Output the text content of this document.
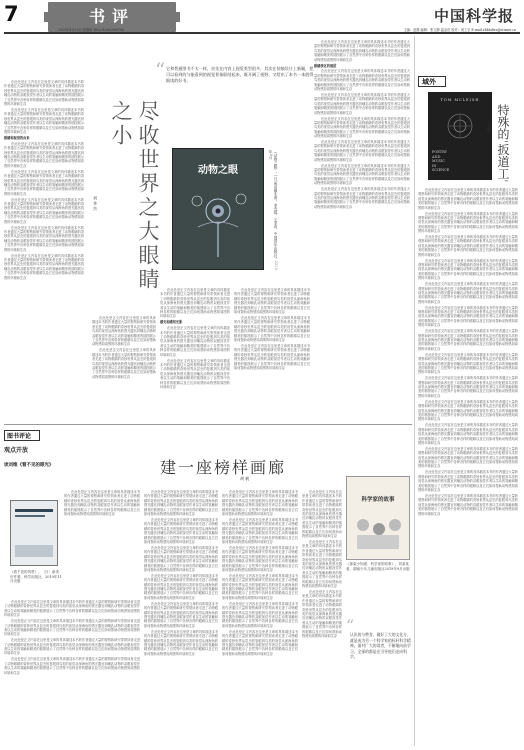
7	书评	中国科学报
2020年4月23日 星期四 Tel:(010)62580783	主编：赵路 编辑：张文静 温金田 校对：何工宗 E-mail:zhbhdtre@stimes.cn

在此处是正文内容在这里是文章的具体描述本书的作者通过大量的观察和研究带领读者走进了动物眼睛的奇妙世界从昆虫的复眼到鸟类的视觉从深海鱼的感光器官到哺乳动物的双眼视觉作者以生动的笔触和精美的插图展示了自然界中各种各样的眼睛以及它们如何帮助动物感知周围的环境和生存

在此处是正文内容在这里是文章的具体描述本书的作者通过大量的观察和研究带领读者走进了动物眼睛的奇妙世界从昆虫的复眼到鸟类的视觉从深海鱼的感光器官到哺乳动物的双眼视觉作者以生动的笔触和精美的插图展示了自然界中各种各样的眼睛以及它们如何帮助动物感知周围的环境和生存

眼睛和视觉的由来

在此处是正文内容在这里是文章的具体描述本书的作者通过大量的观察和研究带领读者走进了动物眼睛的奇妙世界从昆虫的复眼到鸟类的视觉从深海鱼的感光器官到哺乳动物的双眼视觉作者以生动的笔触和精美的插图展示了自然界中各种各样的眼睛以及它们如何帮助动物感知周围的环境和生存

在此处是正文内容在这里是文章的具体描述本书的作者通过大量的观察和研究带领读者走进了动物眼睛的奇妙世界从昆虫的复眼到鸟类的视觉从深海鱼的感光器官到哺乳动物的双眼视觉作者以生动的笔触和精美的插图展示了自然界中各种各样的眼睛以及它们如何帮助动物感知周围的环境和生存

在此处是正文内容在这里是文章的具体描述本书的作者通过大量的观察和研究带领读者走进了动物眼睛的奇妙世界从昆虫的复眼到鸟类的视觉从深海鱼的感光器官到哺乳动物的双眼视觉作者以生动的笔触和精美的插图展示了自然界中各种各样的眼睛以及它们如何帮助动物感知周围的环境和生存

在此处是正文内容在这里是文章的具体描述本书的作者通过大量的观察和研究带领读者走进了动物眼睛的奇妙世界从昆虫的复眼到鸟类的视觉从深海鱼的感光器官到哺乳动物的双眼视觉作者以生动的笔触和精美的插图展示了自然界中各种各样的眼睛以及它们如何帮助动物感知周围的环境和生存

在此处是正文内容在这里是文章的具体描述本书的作者通过大量的观察和研究带领读者走进了动物眼睛的奇妙世界从昆虫的复眼到鸟类的视觉从深海鱼的感光器官到哺乳动物的双眼视觉作者以生动的笔触和精美的插图展示了自然界中各种各样的眼睛以及它们如何帮助动物感知周围的环境和生存	尽收世界之大眼睛之小
刘 华 杰
“ 它和普通图书不太一样，首先在内容上视觉类型很多，其次在装帧设计上新颖，把可以看到的与能看到的视觉景象联结起来，既开阔了视野，又给出了本书一本值得细读的好书。
动物之眼	《动物之眼》，[日]奥田顺生著，李杰超、王菲译，中国青年出版社，2019年8月

在此处是正文内容在这里是文章的具体描述本书的作者通过大量的观察和研究带领读者走进了动物眼睛的奇妙世界从昆虫的复眼到鸟类的视觉从深海鱼的感光器官到哺乳动物的双眼视觉作者以生动的笔触和精美的插图展示了自然界中各种各样的眼睛以及它们如何帮助动物感知周围的环境和生存

在此处是正文内容在这里是文章的具体描述本书的作者通过大量的观察和研究带领读者走进了动物眼睛的奇妙世界从昆虫的复眼到鸟类的视觉从深海鱼的感光器官到哺乳动物的双眼视觉作者以生动的笔触和精美的插图展示了自然界中各种各样的眼睛以及它们如何帮助动物感知周围的环境和生存

在此处是正文内容在这里是文章的具体描述本书的作者通过大量的观察和研究带领读者走进了动物眼睛的奇妙世界从昆虫的复眼到鸟类的视觉从深海鱼的感光器官到哺乳动物的双眼视觉作者以生动的笔触和精美的插图展示了自然界中各种各样的眼睛以及它们如何帮助动物感知周围的环境和生存

感光和感知光影

在此处是正文内容在这里是文章的具体描述本书的作者通过大量的观察和研究带领读者走进了动物眼睛的奇妙世界从昆虫的复眼到鸟类的视觉从深海鱼的感光器官到哺乳动物的双眼视觉作者以生动的笔触和精美的插图展示了自然界中各种各样的眼睛以及它们如何帮助动物感知周围的环境和生存

在此处是正文内容在这里是文章的具体描述本书的作者通过大量的观察和研究带领读者走进了动物眼睛的奇妙世界从昆虫的复眼到鸟类的视觉从深海鱼的感光器官到哺乳动物的双眼视觉作者以生动的笔触和精美的插图展示了自然界中各种各样的眼睛以及它们如何帮助动物感知周围的环境和生存

在此处是正文内容在这里是文章的具体描述本书的作者通过大量的观察和研究带领读者走进了动物眼睛的奇妙世界从昆虫的复眼到鸟类的视觉从深海鱼的感光器官到哺乳动物的双眼视觉作者以生动的笔触和精美的插图展示了自然界中各种各样的眼睛以及它们如何帮助动物感知周围的环境和生存

在此处是正文内容在这里是文章的具体描述本书的作者通过大量的观察和研究带领读者走进了动物眼睛的奇妙世界从昆虫的复眼到鸟类的视觉从深海鱼的感光器官到哺乳动物的双眼视觉作者以生动的笔触和精美的插图展示了自然界中各种各样的眼睛以及它们如何帮助动物感知周围的环境和生存

在此处是正文内容在这里是文章的具体描述本书的作者通过大量的观察和研究带领读者走进了动物眼睛的奇妙世界从昆虫的复眼到鸟类的视觉从深海鱼的感光器官到哺乳动物的双眼视觉作者以生动的笔触和精美的插图展示了自然界中各种各样的眼睛以及它们如何帮助动物感知周围的环境和生存

在此处是正文内容在这里是文章的具体描述本书的作者通过大量的观察和研究带领读者走进了动物眼睛的奇妙世界从昆虫的复眼到鸟类的视觉从深海鱼的感光器官到哺乳动物的双眼视觉作者以生动的笔触和精美的插图展示了自然界中各种各样的眼睛以及它们如何帮助动物感知周围的环境和生存

眼睛演化的谜团

在此处是正文内容在这里是文章的具体描述本书的作者通过大量的观察和研究带领读者走进了动物眼睛的奇妙世界从昆虫的复眼到鸟类的视觉从深海鱼的感光器官到哺乳动物的双眼视觉作者以生动的笔触和精美的插图展示了自然界中各种各样的眼睛以及它们如何帮助动物感知周围的环境和生存

在此处是正文内容在这里是文章的具体描述本书的作者通过大量的观察和研究带领读者走进了动物眼睛的奇妙世界从昆虫的复眼到鸟类的视觉从深海鱼的感光器官到哺乳动物的双眼视觉作者以生动的笔触和精美的插图展示了自然界中各种各样的眼睛以及它们如何帮助动物感知周围的环境和生存

在此处是正文内容在这里是文章的具体描述本书的作者通过大量的观察和研究带领读者走进了动物眼睛的奇妙世界从昆虫的复眼到鸟类的视觉从深海鱼的感光器官到哺乳动物的双眼视觉作者以生动的笔触和精美的插图展示了自然界中各种各样的眼睛以及它们如何帮助动物感知周围的环境和生存

在此处是正文内容在这里是文章的具体描述本书的作者通过大量的观察和研究带领读者走进了动物眼睛的奇妙世界从昆虫的复眼到鸟类的视觉从深海鱼的感光器官到哺乳动物的双眼视觉作者以生动的笔触和精美的插图展示了自然界中各种各样的眼睛以及它们如何帮助动物感知周围的环境和生存

在此处是正文内容在这里是文章的具体描述本书的作者通过大量的观察和研究带领读者走进了动物眼睛的奇妙世界从昆虫的复眼到鸟类的视觉从深海鱼的感光器官到哺乳动物的双眼视觉作者以生动的笔触和精美的插图展示了自然界中各种各样的眼睛以及它们如何帮助动物感知周围的环境和生存

在此处是正文内容在这里是文章的具体描述本书的作者通过大量的观察和研究带领读者走进了动物眼睛的奇妙世界从昆虫的复眼到鸟类的视觉从深海鱼的感光器官到哺乳动物的双眼视觉作者以生动的笔触和精美的插图展示了自然界中各种各样的眼睛以及它们如何帮助动物感知周围的环境和生存

域外
TOM MCLEISH
POETRY
AND
MUSIC
IN
SCIENCE	特殊的'扳道工'
胡敏

在此处是正文内容在这里是文章的具体描述本书的作者通过大量的观察和研究带领读者走进了动物眼睛的奇妙世界从昆虫的复眼到鸟类的视觉从深海鱼的感光器官到哺乳动物的双眼视觉作者以生动的笔触和精美的插图展示了自然界中各种各样的眼睛以及它们如何帮助动物感知周围的环境和生存

在此处是正文内容在这里是文章的具体描述本书的作者通过大量的观察和研究带领读者走进了动物眼睛的奇妙世界从昆虫的复眼到鸟类的视觉从深海鱼的感光器官到哺乳动物的双眼视觉作者以生动的笔触和精美的插图展示了自然界中各种各样的眼睛以及它们如何帮助动物感知周围的环境和生存

在此处是正文内容在这里是文章的具体描述本书的作者通过大量的观察和研究带领读者走进了动物眼睛的奇妙世界从昆虫的复眼到鸟类的视觉从深海鱼的感光器官到哺乳动物的双眼视觉作者以生动的笔触和精美的插图展示了自然界中各种各样的眼睛以及它们如何帮助动物感知周围的环境和生存

在此处是正文内容在这里是文章的具体描述本书的作者通过大量的观察和研究带领读者走进了动物眼睛的奇妙世界从昆虫的复眼到鸟类的视觉从深海鱼的感光器官到哺乳动物的双眼视觉作者以生动的笔触和精美的插图展示了自然界中各种各样的眼睛以及它们如何帮助动物感知周围的环境和生存

在此处是正文内容在这里是文章的具体描述本书的作者通过大量的观察和研究带领读者走进了动物眼睛的奇妙世界从昆虫的复眼到鸟类的视觉从深海鱼的感光器官到哺乳动物的双眼视觉作者以生动的笔触和精美的插图展示了自然界中各种各样的眼睛以及它们如何帮助动物感知周围的环境和生存

在此处是正文内容在这里是文章的具体描述本书的作者通过大量的观察和研究带领读者走进了动物眼睛的奇妙世界从昆虫的复眼到鸟类的视觉从深海鱼的感光器官到哺乳动物的双眼视觉作者以生动的笔触和精美的插图展示了自然界中各种各样的眼睛以及它们如何帮助动物感知周围的环境和生存

在此处是正文内容在这里是文章的具体描述本书的作者通过大量的观察和研究带领读者走进了动物眼睛的奇妙世界从昆虫的复眼到鸟类的视觉从深海鱼的感光器官到哺乳动物的双眼视觉作者以生动的笔触和精美的插图展示了自然界中各种各样的眼睛以及它们如何帮助动物感知周围的环境和生存

在此处是正文内容在这里是文章的具体描述本书的作者通过大量的观察和研究带领读者走进了动物眼睛的奇妙世界从昆虫的复眼到鸟类的视觉从深海鱼的感光器官到哺乳动物的双眼视觉作者以生动的笔触和精美的插图展示了自然界中各种各样的眼睛以及它们如何帮助动物感知周围的环境和生存

在此处是正文内容在这里是文章的具体描述本书的作者通过大量的观察和研究带领读者走进了动物眼睛的奇妙世界从昆虫的复眼到鸟类的视觉从深海鱼的感光器官到哺乳动物的双眼视觉作者以生动的笔触和精美的插图展示了自然界中各种各样的眼睛以及它们如何帮助动物感知周围的环境和生存

在此处是正文内容在这里是文章的具体描述本书的作者通过大量的观察和研究带领读者走进了动物眼睛的奇妙世界从昆虫的复眼到鸟类的视觉从深海鱼的感光器官到哺乳动物的双眼视觉作者以生动的笔触和精美的插图展示了自然界中各种各样的眼睛以及它们如何帮助动物感知周围的环境和生存

在此处是正文内容在这里是文章的具体描述本书的作者通过大量的观察和研究带领读者走进了动物眼睛的奇妙世界从昆虫的复眼到鸟类的视觉从深海鱼的感光器官到哺乳动物的双眼视觉作者以生动的笔触和精美的插图展示了自然界中各种各样的眼睛以及它们如何帮助动物感知周围的环境和生存

在此处是正文内容在这里是文章的具体描述本书的作者通过大量的观察和研究带领读者走进了动物眼睛的奇妙世界从昆虫的复眼到鸟类的视觉从深海鱼的感光器官到哺乳动物的双眼视觉作者以生动的笔触和精美的插图展示了自然界中各种各样的眼睛以及它们如何帮助动物感知周围的环境和生存

在此处是正文内容在这里是文章的具体描述本书的作者通过大量的观察和研究带领读者走进了动物眼睛的奇妙世界从昆虫的复眼到鸟类的视觉从深海鱼的感光器官到哺乳动物的双眼视觉作者以生动的笔触和精美的插图展示了自然界中各种各样的眼睛以及它们如何帮助动物感知周围的环境和生存

在此处是正文内容在这里是文章的具体描述本书的作者通过大量的观察和研究带领读者走进了动物眼睛的奇妙世界从昆虫的复眼到鸟类的视觉从深海鱼的感光器官到哺乳动物的双眼视觉作者以生动的笔触和精美的插图展示了自然界中各种各样的眼睛以及它们如何帮助动物感知周围的环境和生存

图书评论
观点开放
读刘维《看不见的眼光》
《看不见的风景》、〔日〕新美庆作著，科学出版社，2019年11月出版

在此处是正文内容在这里是文章的具体描述本书的作者通过大量的观察和研究带领读者走进了动物眼睛的奇妙世界从昆虫的复眼到鸟类的视觉从深海鱼的感光器官到哺乳动物的双眼视觉作者以生动的笔触和精美的插图展示了自然界中各种各样的眼睛以及它们如何帮助动物感知周围的环境和生存

在此处是正文内容在这里是文章的具体描述本书的作者通过大量的观察和研究带领读者走进了动物眼睛的奇妙世界从昆虫的复眼到鸟类的视觉从深海鱼的感光器官到哺乳动物的双眼视觉作者以生动的笔触和精美的插图展示了自然界中各种各样的眼睛以及它们如何帮助动物感知周围的环境和生存

在此处是正文内容在这里是文章的具体描述本书的作者通过大量的观察和研究带领读者走进了动物眼睛的奇妙世界从昆虫的复眼到鸟类的视觉从深海鱼的感光器官到哺乳动物的双眼视觉作者以生动的笔触和精美的插图展示了自然界中各种各样的眼睛以及它们如何帮助动物感知周围的环境和生存

在此处是正文内容在这里是文章的具体描述本书的作者通过大量的观察和研究带领读者走进了动物眼睛的奇妙世界从昆虫的复眼到鸟类的视觉从深海鱼的感光器官到哺乳动物的双眼视觉作者以生动的笔触和精美的插图展示了自然界中各种各样的眼睛以及它们如何帮助动物感知周围的环境和生存

在此处是正文内容在这里是文章的具体描述本书的作者通过大量的观察和研究带领读者走进了动物眼睛的奇妙世界从昆虫的复眼到鸟类的视觉从深海鱼的感光器官到哺乳动物的双眼视觉作者以生动的笔触和精美的插图展示了自然界中各种各样的眼睛以及它们如何帮助动物感知周围的环境和生存

建一座榜样画廊
胡 帆

在此处是正文内容在这里是文章的具体描述本书的作者通过大量的观察和研究带领读者走进了动物眼睛的奇妙世界从昆虫的复眼到鸟类的视觉从深海鱼的感光器官到哺乳动物的双眼视觉作者以生动的笔触和精美的插图展示了自然界中各种各样的眼睛以及它们如何帮助动物感知周围的环境和生存

在此处是正文内容在这里是文章的具体描述本书的作者通过大量的观察和研究带领读者走进了动物眼睛的奇妙世界从昆虫的复眼到鸟类的视觉从深海鱼的感光器官到哺乳动物的双眼视觉作者以生动的笔触和精美的插图展示了自然界中各种各样的眼睛以及它们如何帮助动物感知周围的环境和生存

在此处是正文内容在这里是文章的具体描述本书的作者通过大量的观察和研究带领读者走进了动物眼睛的奇妙世界从昆虫的复眼到鸟类的视觉从深海鱼的感光器官到哺乳动物的双眼视觉作者以生动的笔触和精美的插图展示了自然界中各种各样的眼睛以及它们如何帮助动物感知周围的环境和生存

在此处是正文内容在这里是文章的具体描述本书的作者通过大量的观察和研究带领读者走进了动物眼睛的奇妙世界从昆虫的复眼到鸟类的视觉从深海鱼的感光器官到哺乳动物的双眼视觉作者以生动的笔触和精美的插图展示了自然界中各种各样的眼睛以及它们如何帮助动物感知周围的环境和生存

在此处是正文内容在这里是文章的具体描述本书的作者通过大量的观察和研究带领读者走进了动物眼睛的奇妙世界从昆虫的复眼到鸟类的视觉从深海鱼的感光器官到哺乳动物的双眼视觉作者以生动的笔触和精美的插图展示了自然界中各种各样的眼睛以及它们如何帮助动物感知周围的环境和生存

在此处是正文内容在这里是文章的具体描述本书的作者通过大量的观察和研究带领读者走进了动物眼睛的奇妙世界从昆虫的复眼到鸟类的视觉从深海鱼的感光器官到哺乳动物的双眼视觉作者以生动的笔触和精美的插图展示了自然界中各种各样的眼睛以及它们如何帮助动物感知周围的环境和生存

在此处是正文内容在这里是文章的具体描述本书的作者通过大量的观察和研究带领读者走进了动物眼睛的奇妙世界从昆虫的复眼到鸟类的视觉从深海鱼的感光器官到哺乳动物的双眼视觉作者以生动的笔触和精美的插图展示了自然界中各种各样的眼睛以及它们如何帮助动物感知周围的环境和生存

在此处是正文内容在这里是文章的具体描述本书的作者通过大量的观察和研究带领读者走进了动物眼睛的奇妙世界从昆虫的复眼到鸟类的视觉从深海鱼的感光器官到哺乳动物的双眼视觉作者以生动的笔触和精美的插图展示了自然界中各种各样的眼睛以及它们如何帮助动物感知周围的环境和生存

在此处是正文内容在这里是文章的具体描述本书的作者通过大量的观察和研究带领读者走进了动物眼睛的奇妙世界从昆虫的复眼到鸟类的视觉从深海鱼的感光器官到哺乳动物的双眼视觉作者以生动的笔触和精美的插图展示了自然界中各种各样的眼睛以及它们如何帮助动物感知周围的环境和生存

在此处是正文内容在这里是文章的具体描述本书的作者通过大量的观察和研究带领读者走进了动物眼睛的奇妙世界从昆虫的复眼到鸟类的视觉从深海鱼的感光器官到哺乳动物的双眼视觉作者以生动的笔触和精美的插图展示了自然界中各种各样的眼睛以及它们如何帮助动物感知周围的环境和生存

在此处是正文内容在这里是文章的具体描述本书的作者通过大量的观察和研究带领读者走进了动物眼睛的奇妙世界从昆虫的复眼到鸟类的视觉从深海鱼的感光器官到哺乳动物的双眼视觉作者以生动的笔触和精美的插图展示了自然界中各种各样的眼睛以及它们如何帮助动物感知周围的环境和生存

在此处是正文内容在这里是文章的具体描述本书的作者通过大量的观察和研究带领读者走进了动物眼睛的奇妙世界从昆虫的复眼到鸟类的视觉从深海鱼的感光器官到哺乳动物的双眼视觉作者以生动的笔触和精美的插图展示了自然界中各种各样的眼睛以及它们如何帮助动物感知周围的环境和生存

在此处是正文内容在这里是文章的具体描述本书的作者通过大量的观察和研究带领读者走进了动物眼睛的奇妙世界从昆虫的复眼到鸟类的视觉从深海鱼的感光器官到哺乳动物的双眼视觉作者以生动的笔触和精美的插图展示了自然界中各种各样的眼睛以及它们如何帮助动物感知周围的环境和生存

在此处是正文内容在这里是文章的具体描述本书的作者通过大量的观察和研究带领读者走进了动物眼睛的奇妙世界从昆虫的复眼到鸟类的视觉从深海鱼的感光器官到哺乳动物的双眼视觉作者以生动的笔触和精美的插图展示了自然界中各种各样的眼睛以及它们如何帮助动物感知周围的环境和生存

在此处是正文内容在这里是文章的具体描述本书的作者通过大量的观察和研究带领读者走进了动物眼睛的奇妙世界从昆虫的复眼到鸟类的视觉从深海鱼的感光器官到哺乳动物的双眼视觉作者以生动的笔触和精美的插图展示了自然界中各种各样的眼睛以及它们如何帮助动物感知周围的环境和生存

科学家的故事
《探索小知道：科学家的故事》，刘某某著，湖南少年儿童出版社2019年9月出版
“
认识的与赞誉，做好了大的文化方，就是成为另一个科学家的标杆科学精神。面对广大的读者，不断地向前学习，全部的都是在引导他们走向科学。
